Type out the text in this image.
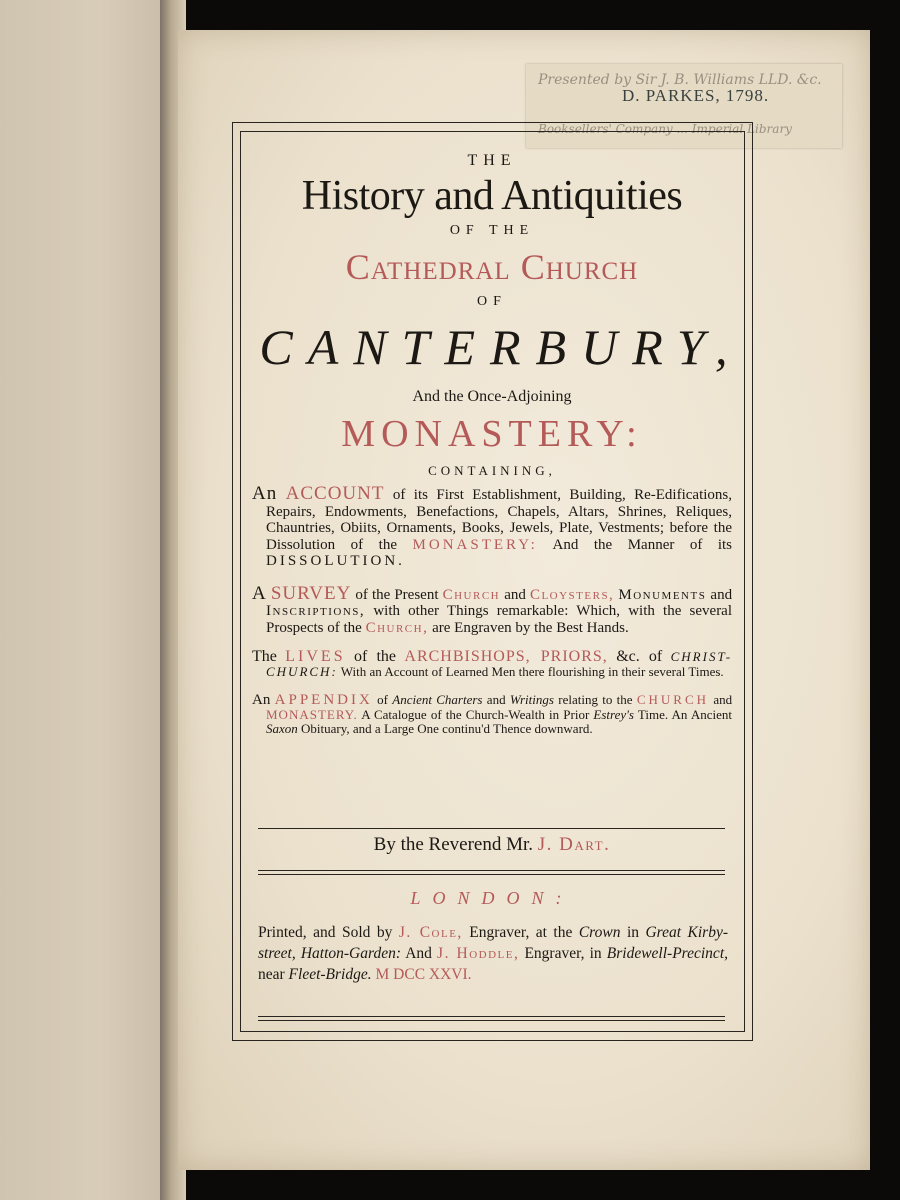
Presented by Sir J. B. Williams LLD. &c.
D. PARKES, 1798.
Booksellers' Company ... Imperial Library

THE

History and Antiquities

OF THE

Cathedral Church

OF

CANTERBURY,

And the Once-Adjoining

MONASTERY:

CONTAINING,

An ACCOUNT of its First Establishment, Building, Re-Edifications, Repairs, Endowments, Benefactions, Chapels, Altars, Shrines, Reliques, Chauntries, Obiits, Ornaments, Books, Jewels, Plate, Vestments; before the Dissolution of the MONASTERY: And the Manner of its DISSOLUTION.

A SURVEY of the Present Church and Cloysters, Monuments and Inscriptions, with other Things remarkable: Which, with the several Prospects of the Church, are Engraven by the Best Hands.

The LIVES of the ARCHBISHOPS, PRIORS, &c. of CHRIST-CHURCH: With an Account of Learned Men there flourishing in their several Times.

An APPENDIX of Ancient Charters and Writings relating to the CHURCH and MONASTERY. A Catalogue of the Church-Wealth in Prior Estrey's Time. An Ancient Saxon Obituary, and a Large One continu'd Thence downward.

By the Reverend Mr. J. Dart.
LONDON:
Printed, and Sold by J. Cole, Engraver, at the Crown in Great Kirby-street, Hatton-Garden: And J. Hoddle, Engraver, in Bridewell-Precinct, near Fleet-Bridge. M DCC XXVI.
